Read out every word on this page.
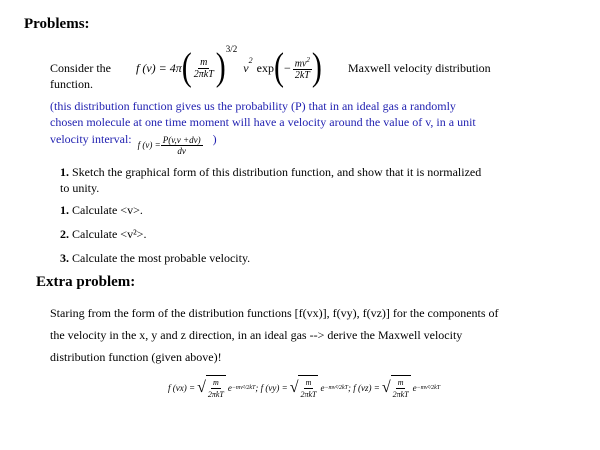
Problems:
Consider the
function.
f (v) = 4π ( $\frac{m}{\text{2πkT}}$ ) 3/2
v 2 exp ( − $\frac{mv^2}{2kT}$ ) Maxwell velocity distribution
(this distribution function gives us the probability (P) that in an ideal gas a randomly
chosen molecule at one time moment will have a velocity around the value of v, in a unit
velocity interval: f $(v) = \frac{P(v,v +dv)}{dv}$ )
1. Sketch the graphical form of this distribution function, and show that it is normalized
to unity.
1. Calculate <v>.
2. Calculate <v²>.
3. Calculate the most probable velocity.
Extra problem:
Staring from the form of the distribution functions [f(vx)], f(vy), f(vz)] for the components of
the velocity in the x, y and z direction, in an ideal gas --> derive the Maxwell velocity
distribution function (given above)!
f (vx) = √ $\frac{m}{\text{2πkT}}$ e −mv²/2kT ; f (vy) = √ $\frac{m}{\text{2πkT}}$ e −mv²/2kT ; f (vz) = √ $\frac{m}{\text{2πkT}}$ e −mv²/2kT
